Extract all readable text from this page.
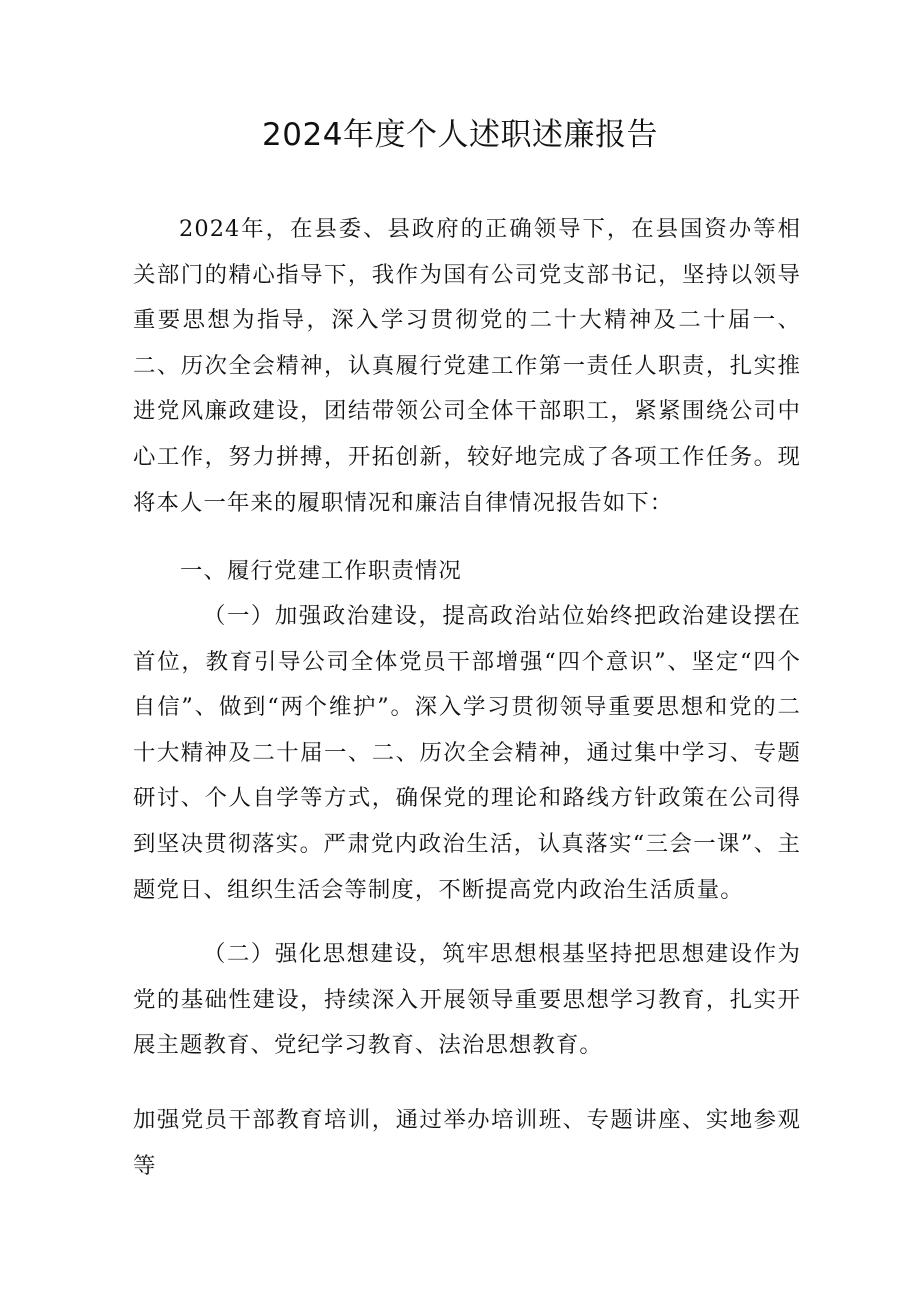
2024年度个人述职述廉报告

2024年，在县委、县政府的正确领导下，在县国资办等相关部门的精心指导下，我作为国有公司党支部书记，坚持以领导重要思想为指导，深入学习贯彻党的二十大精神及二十届一、二、历次全会精神，认真履行党建工作第一责任人职责，扎实推进党风廉政建设，团结带领公司全体干部职工，紧紧围绕公司中心工作，努力拼搏，开拓创新，较好地完成了各项工作任务。现将本人一年来的履职情况和廉洁自律情况报告如下：

一、履行党建工作职责情况

（一）加强政治建设，提高政治站位始终把政治建设摆在首位，教育引导公司全体党员干部增强“四个意识”、坚定“四个自信”、做到“两个维护”。深入学习贯彻领导重要思想和党的二十大精神及二十届一、二、历次全会精神，通过集中学习、专题研讨、个人自学等方式，确保党的理论和路线方针政策在公司得到坚决贯彻落实。严肃党内政治生活，认真落实“三会一课”、主题党日、组织生活会等制度，不断提高党内政治生活质量。

（二）强化思想建设，筑牢思想根基坚持把思想建设作为党的基础性建设，持续深入开展领导重要思想学习教育，扎实开展主题教育、党纪学习教育、法治思想教育。

加强党员干部教育培训，通过举办培训班、专题讲座、实地参观等
